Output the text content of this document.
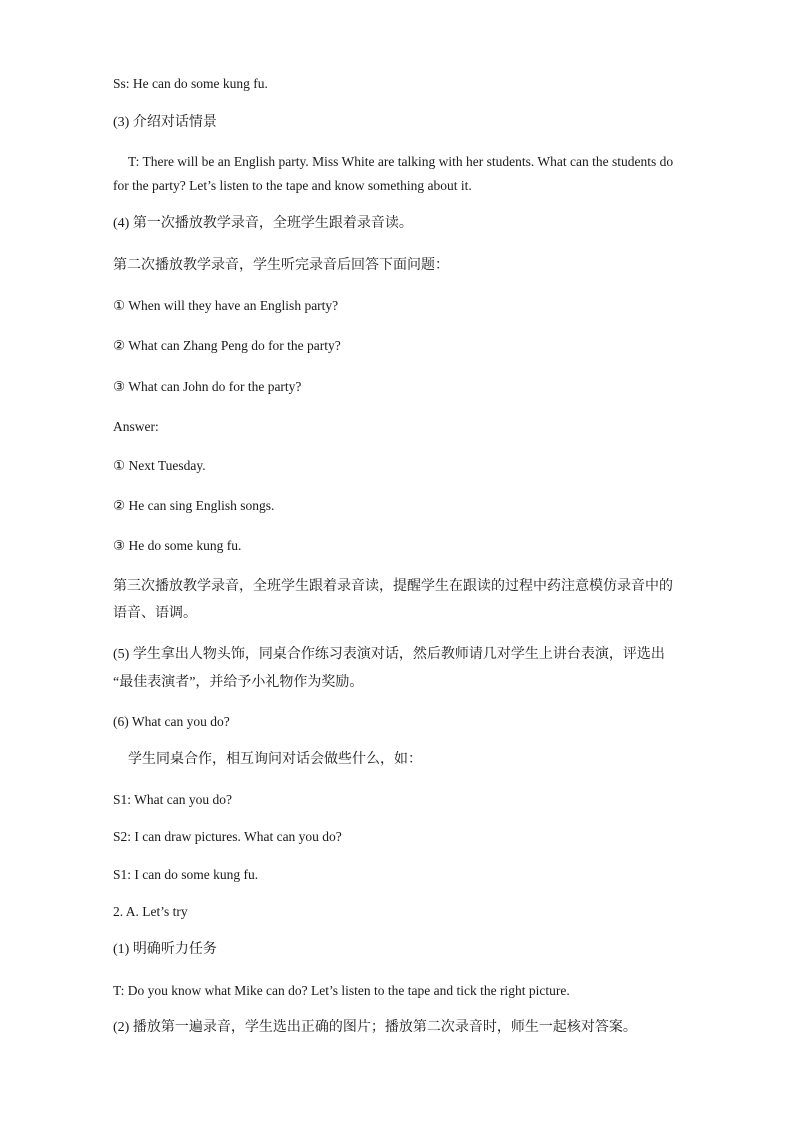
Ss: He can do some kung fu.
(3) 介绍对话情景
T: There will be an English party. Miss White are talking with her students. What can the students do for the party? Let’s listen to the tape and know something about it.
(4) 第一次播放教学录音，全班学生跟着录音读。
第二次播放教学录音，学生听完录音后回答下面问题：
① When will they have an English party?
② What can Zhang Peng do for the party?
③ What can John do for the party?
Answer:
① Next Tuesday.
② He can sing English songs.
③ He do some kung fu.
第三次播放教学录音，全班学生跟着录音读，提醒学生在跟读的过程中药注意模仿录音中的
语音、语调。
(5) 学生拿出人物头饰，同桌合作练习表演对话，然后教师请几对学生上讲台表演，评选出
“最佳表演者”，并给予小礼物作为奖励。
(6) What can you do?
学生同桌合作，相互询问对话会做些什么，如：
S1: What can you do?
S2: I can draw pictures. What can you do?
S1: I can do some kung fu.
2. A. Let’s try
(1) 明确听力任务
T: Do you know what Mike can do? Let’s listen to the tape and tick the right picture.
(2) 播放第一遍录音，学生选出正确的图片；播放第二次录音时，师生一起核对答案。
